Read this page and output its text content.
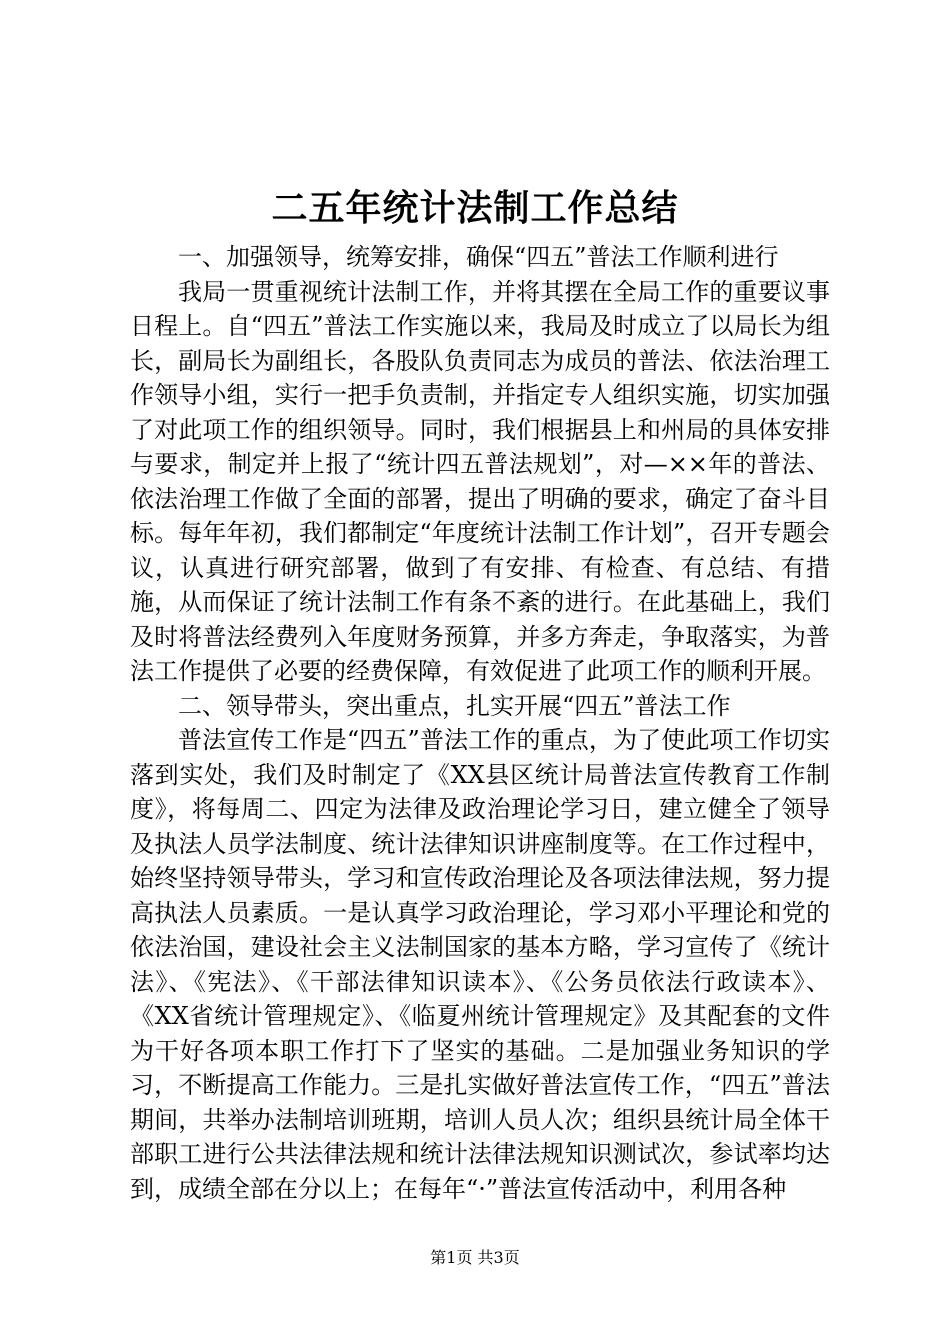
二五年统计法制工作总结

一、加强领导，统筹安排，确保“四五”普法工作顺利进行

我局一贯重视统计法制工作，并将其摆在全局工作的重要议事日程上。自“四五”普法工作实施以来，我局及时成立了以局长为组长，副局长为副组长，各股队负责同志为成员的普法、依法治理工作领导小组，实行一把手负责制，并指定专人组织实施，切实加强了对此项工作的组织领导。同时，我们根据县上和州局的具体安排与要求，制定并上报了“统计四五普法规划”，对—××年的普法、依法治理工作做了全面的部署，提出了明确的要求，确定了奋斗目标。每年年初，我们都制定“年度统计法制工作计划”，召开专题会议，认真进行研究部署，做到了有安排、有检查、有总结、有措施，从而保证了统计法制工作有条不紊的进行。在此基础上，我们及时将普法经费列入年度财务预算，并多方奔走，争取落实，为普法工作提供了必要的经费保障，有效促进了此项工作的顺利开展。

二、领导带头，突出重点，扎实开展“四五”普法工作

普法宣传工作是“四五”普法工作的重点，为了使此项工作切实落到实处，我们及时制定了《XX县区统计局普法宣传教育工作制度》，将每周二、四定为法律及政治理论学习日，建立健全了领导及执法人员学法制度、统计法律知识讲座制度等。在工作过程中，始终坚持领导带头，学习和宣传政治理论及各项法律法规，努力提高执法人员素质。一是认真学习政治理论，学习邓小平理论和党的依法治国，建设社会主义法制国家的基本方略，学习宣传了《统计法》、《宪法》、《干部法律知识读本》、《公务员依法行政读本》、《XX省统计管理规定》、《临夏州统计管理规定》及其配套的文件为干好各项本职工作打下了坚实的基础。二是加强业务知识的学习，不断提高工作能力。三是扎实做好普法宣传工作，“四五”普法期间，共举办法制培训班期，培训人员人次；组织县统计局全体干部职工进行公共法律法规和统计法律法规知识测试次，参试率均达到，成绩全部在分以上；在每年“·”普法宣传活动中，利用各种

第1页 共3页
